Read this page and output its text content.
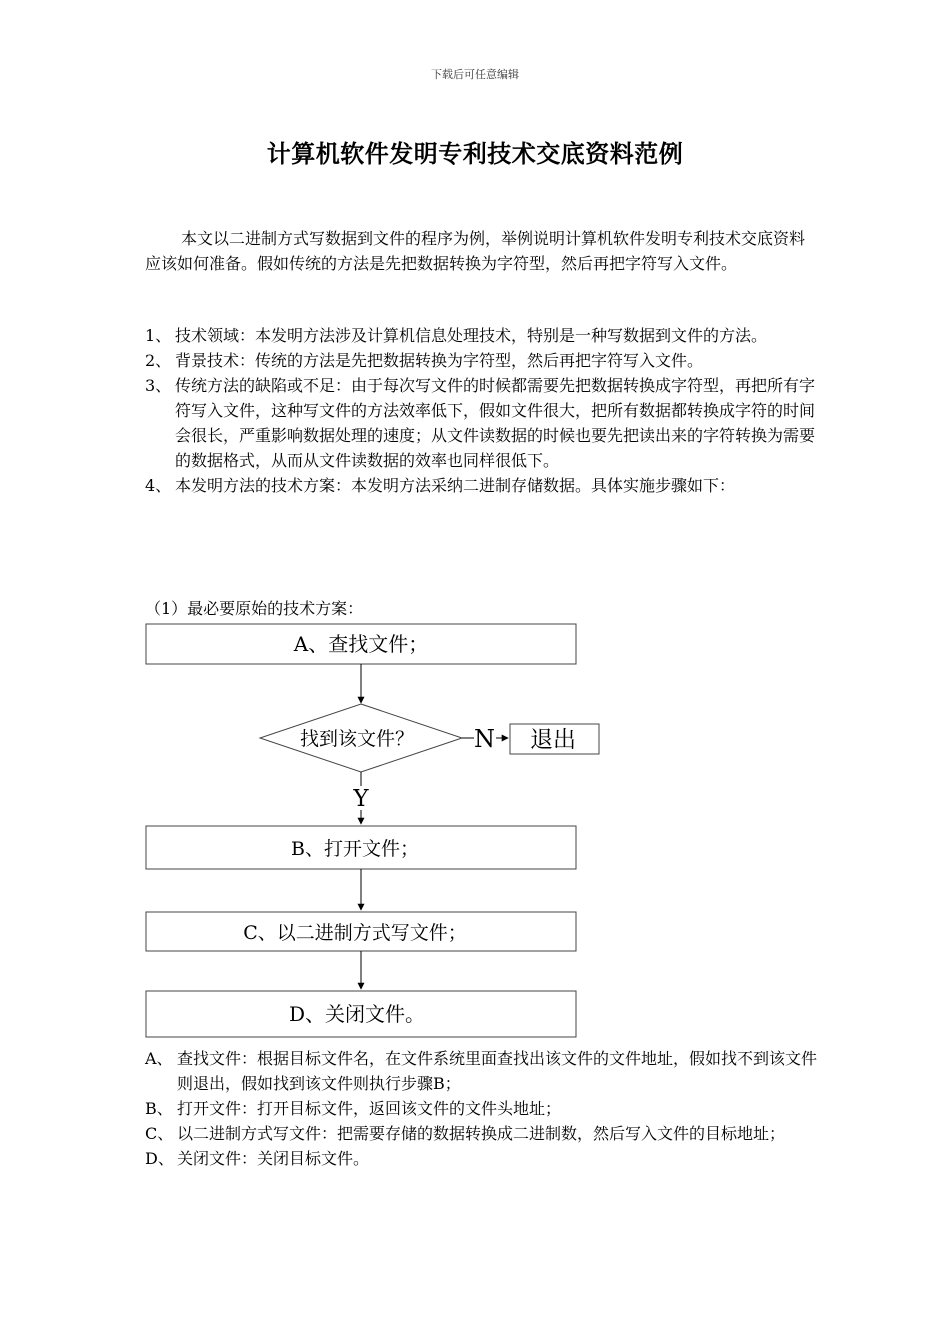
下载后可任意编辑
计算机软件发明专利技术交底资料范例
本文以二进制方式写数据到文件的程序为例，举例说明计算机软件发明专利技术交底资料应该如何准备。假如传统的方法是先把数据转换为字符型，然后再把字符写入文件。
1、 技术领域：本发明方法涉及计算机信息处理技术，特别是一种写数据到文件的方法。
2、 背景技术：传统的方法是先把数据转换为字符型，然后再把字符写入文件。
3、 传统方法的缺陷或不足：由于每次写文件的时候都需要先把数据转换成字符型，再把所有字符写入文件，这种写文件的方法效率低下，假如文件很大，把所有数据都转换成字符的时间会很长，严重影响数据处理的速度；从文件读数据的时候也要先把读出来的字符转换为需要的数据格式，从而从文件读数据的效率也同样很低下。
4、 本发明方法的技术方案：本发明方法采纳二进制存储数据。具体实施步骤如下：
（1）最必要原始的技术方案：
A、查找文件；
找到该文件？ N 退出
Y
B、打开文件；
C、以二进制方式写文件；
D、关闭文件。
A、 查找文件：根据目标文件名，在文件系统里面查找出该文件的文件地址，假如找不到该文件则退出，假如找到该文件则执行步骤B；
B、 打开文件：打开目标文件，返回该文件的文件头地址；
C、 以二进制方式写文件：把需要存储的数据转换成二进制数，然后写入文件的目标地址；
D、 关闭文件：关闭目标文件。
